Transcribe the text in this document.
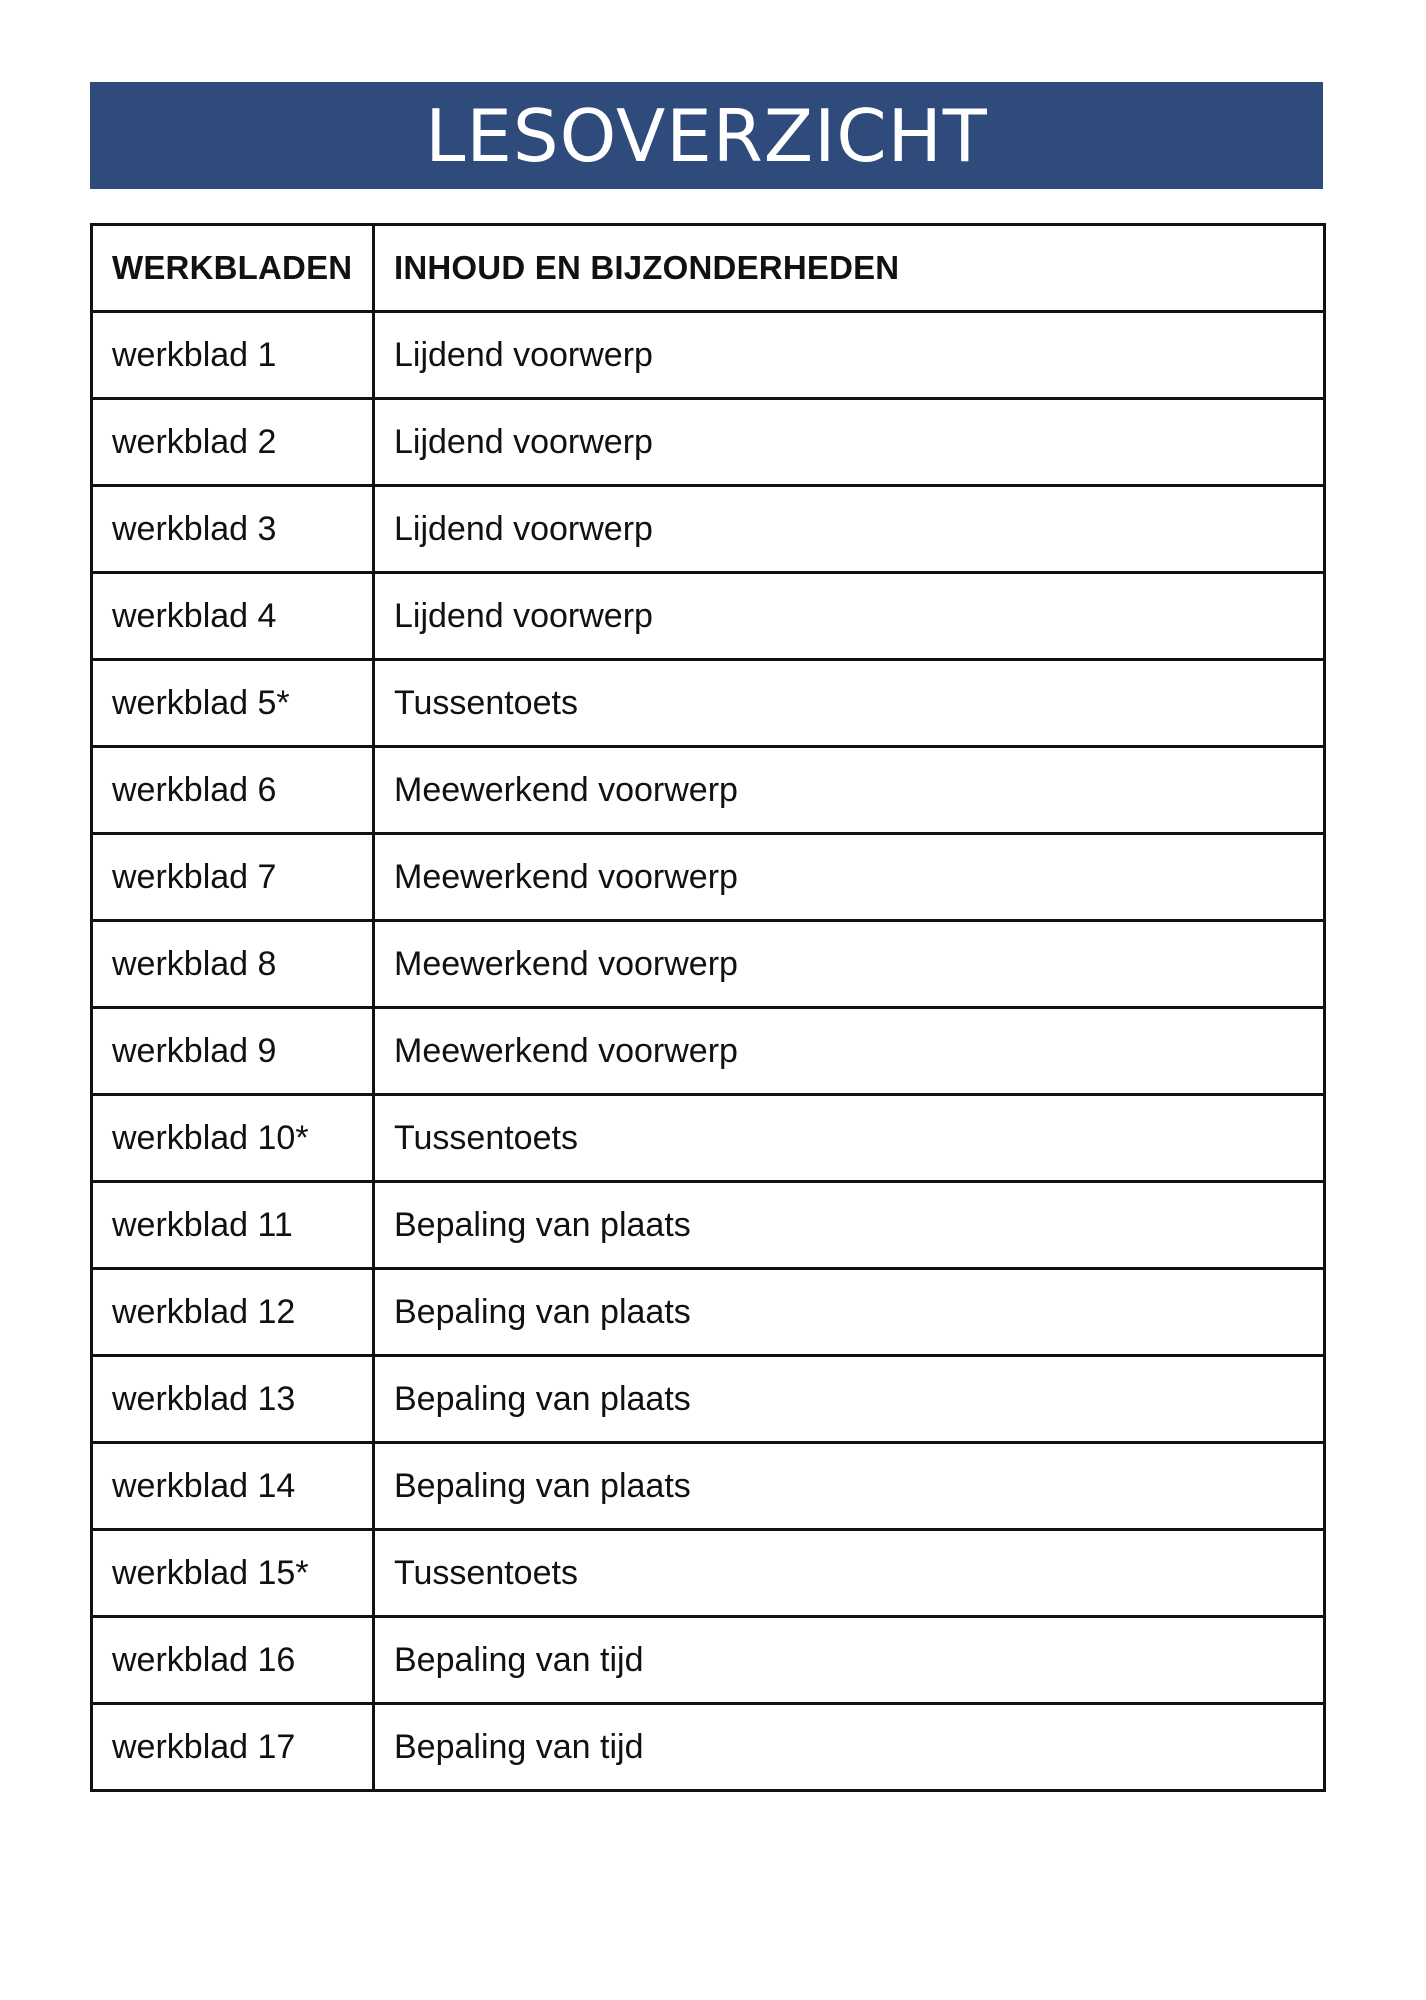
LESOVERZICHT
WERKBLADEN	INHOUD EN BIJZONDERHEDEN
werkblad 1	Lijdend voorwerp
werkblad 2	Lijdend voorwerp
werkblad 3	Lijdend voorwerp
werkblad 4	Lijdend voorwerp
werkblad 5*	Tussentoets
werkblad 6	Meewerkend voorwerp
werkblad 7	Meewerkend voorwerp
werkblad 8	Meewerkend voorwerp
werkblad 9	Meewerkend voorwerp
werkblad 10*	Tussentoets
werkblad 11	Bepaling van plaats
werkblad 12	Bepaling van plaats
werkblad 13	Bepaling van plaats
werkblad 14	Bepaling van plaats
werkblad 15*	Tussentoets
werkblad 16	Bepaling van tijd
werkblad 17	Bepaling van tijd
